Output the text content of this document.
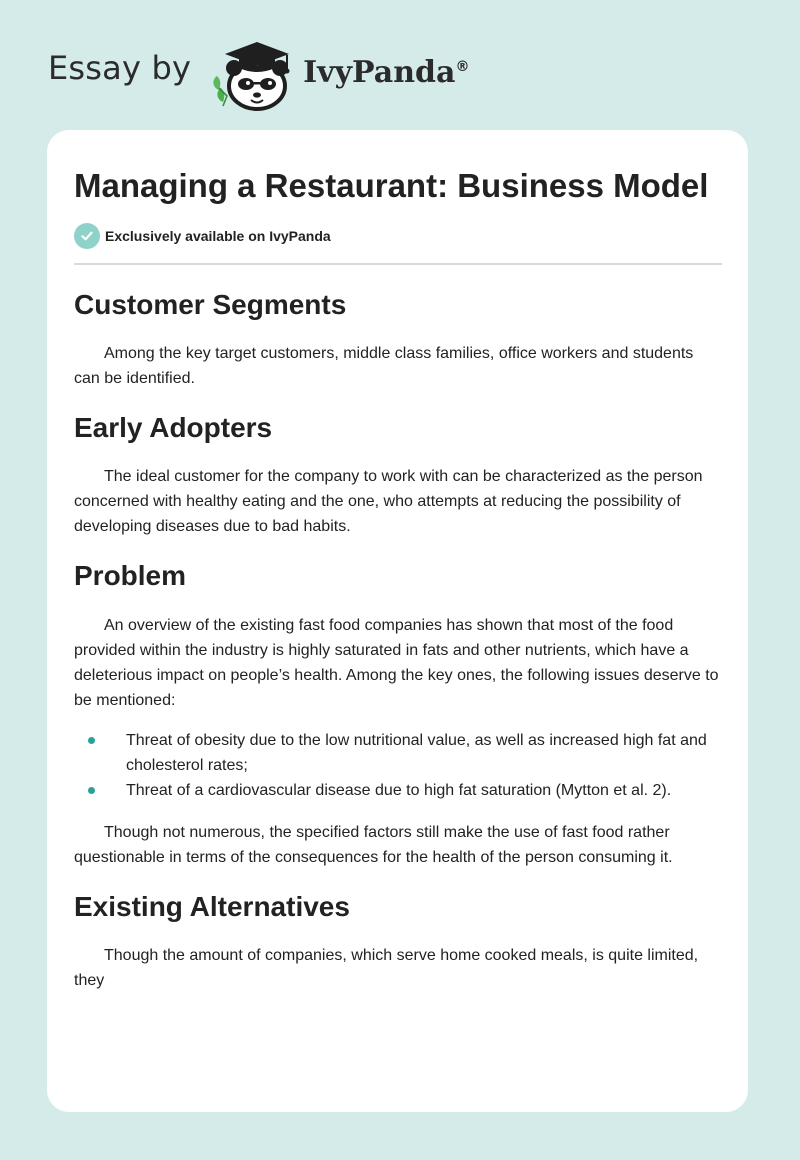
Essay by	IvyPanda®
Managing a Restaurant: Business Model
Exclusively available on IvyPanda
Customer Segments

Among the key target customers, middle class families, office workers and students can be identified.

Early Adopters

The ideal customer for the company to work with can be characterized as the person concerned with healthy eating and the one, who attempts at reducing the possibility of developing diseases due to bad habits.

Problem

An overview of the existing fast food companies has shown that most of the food provided within the industry is highly saturated in fats and other nutrients, which have a deleterious impact on people’s health. Among the key ones, the following issues deserve to be mentioned:

Threat of obesity due to the low nutritional value, as well as increased high fat and cholesterol rates;
Threat of a cardiovascular disease due to high fat saturation (Mytton et al. 2).

Though not numerous, the specified factors still make the use of fast food rather questionable in terms of the consequences for the health of the person consuming it.

Existing Alternatives

Though the amount of companies, which serve home cooked meals, is quite limited, they
